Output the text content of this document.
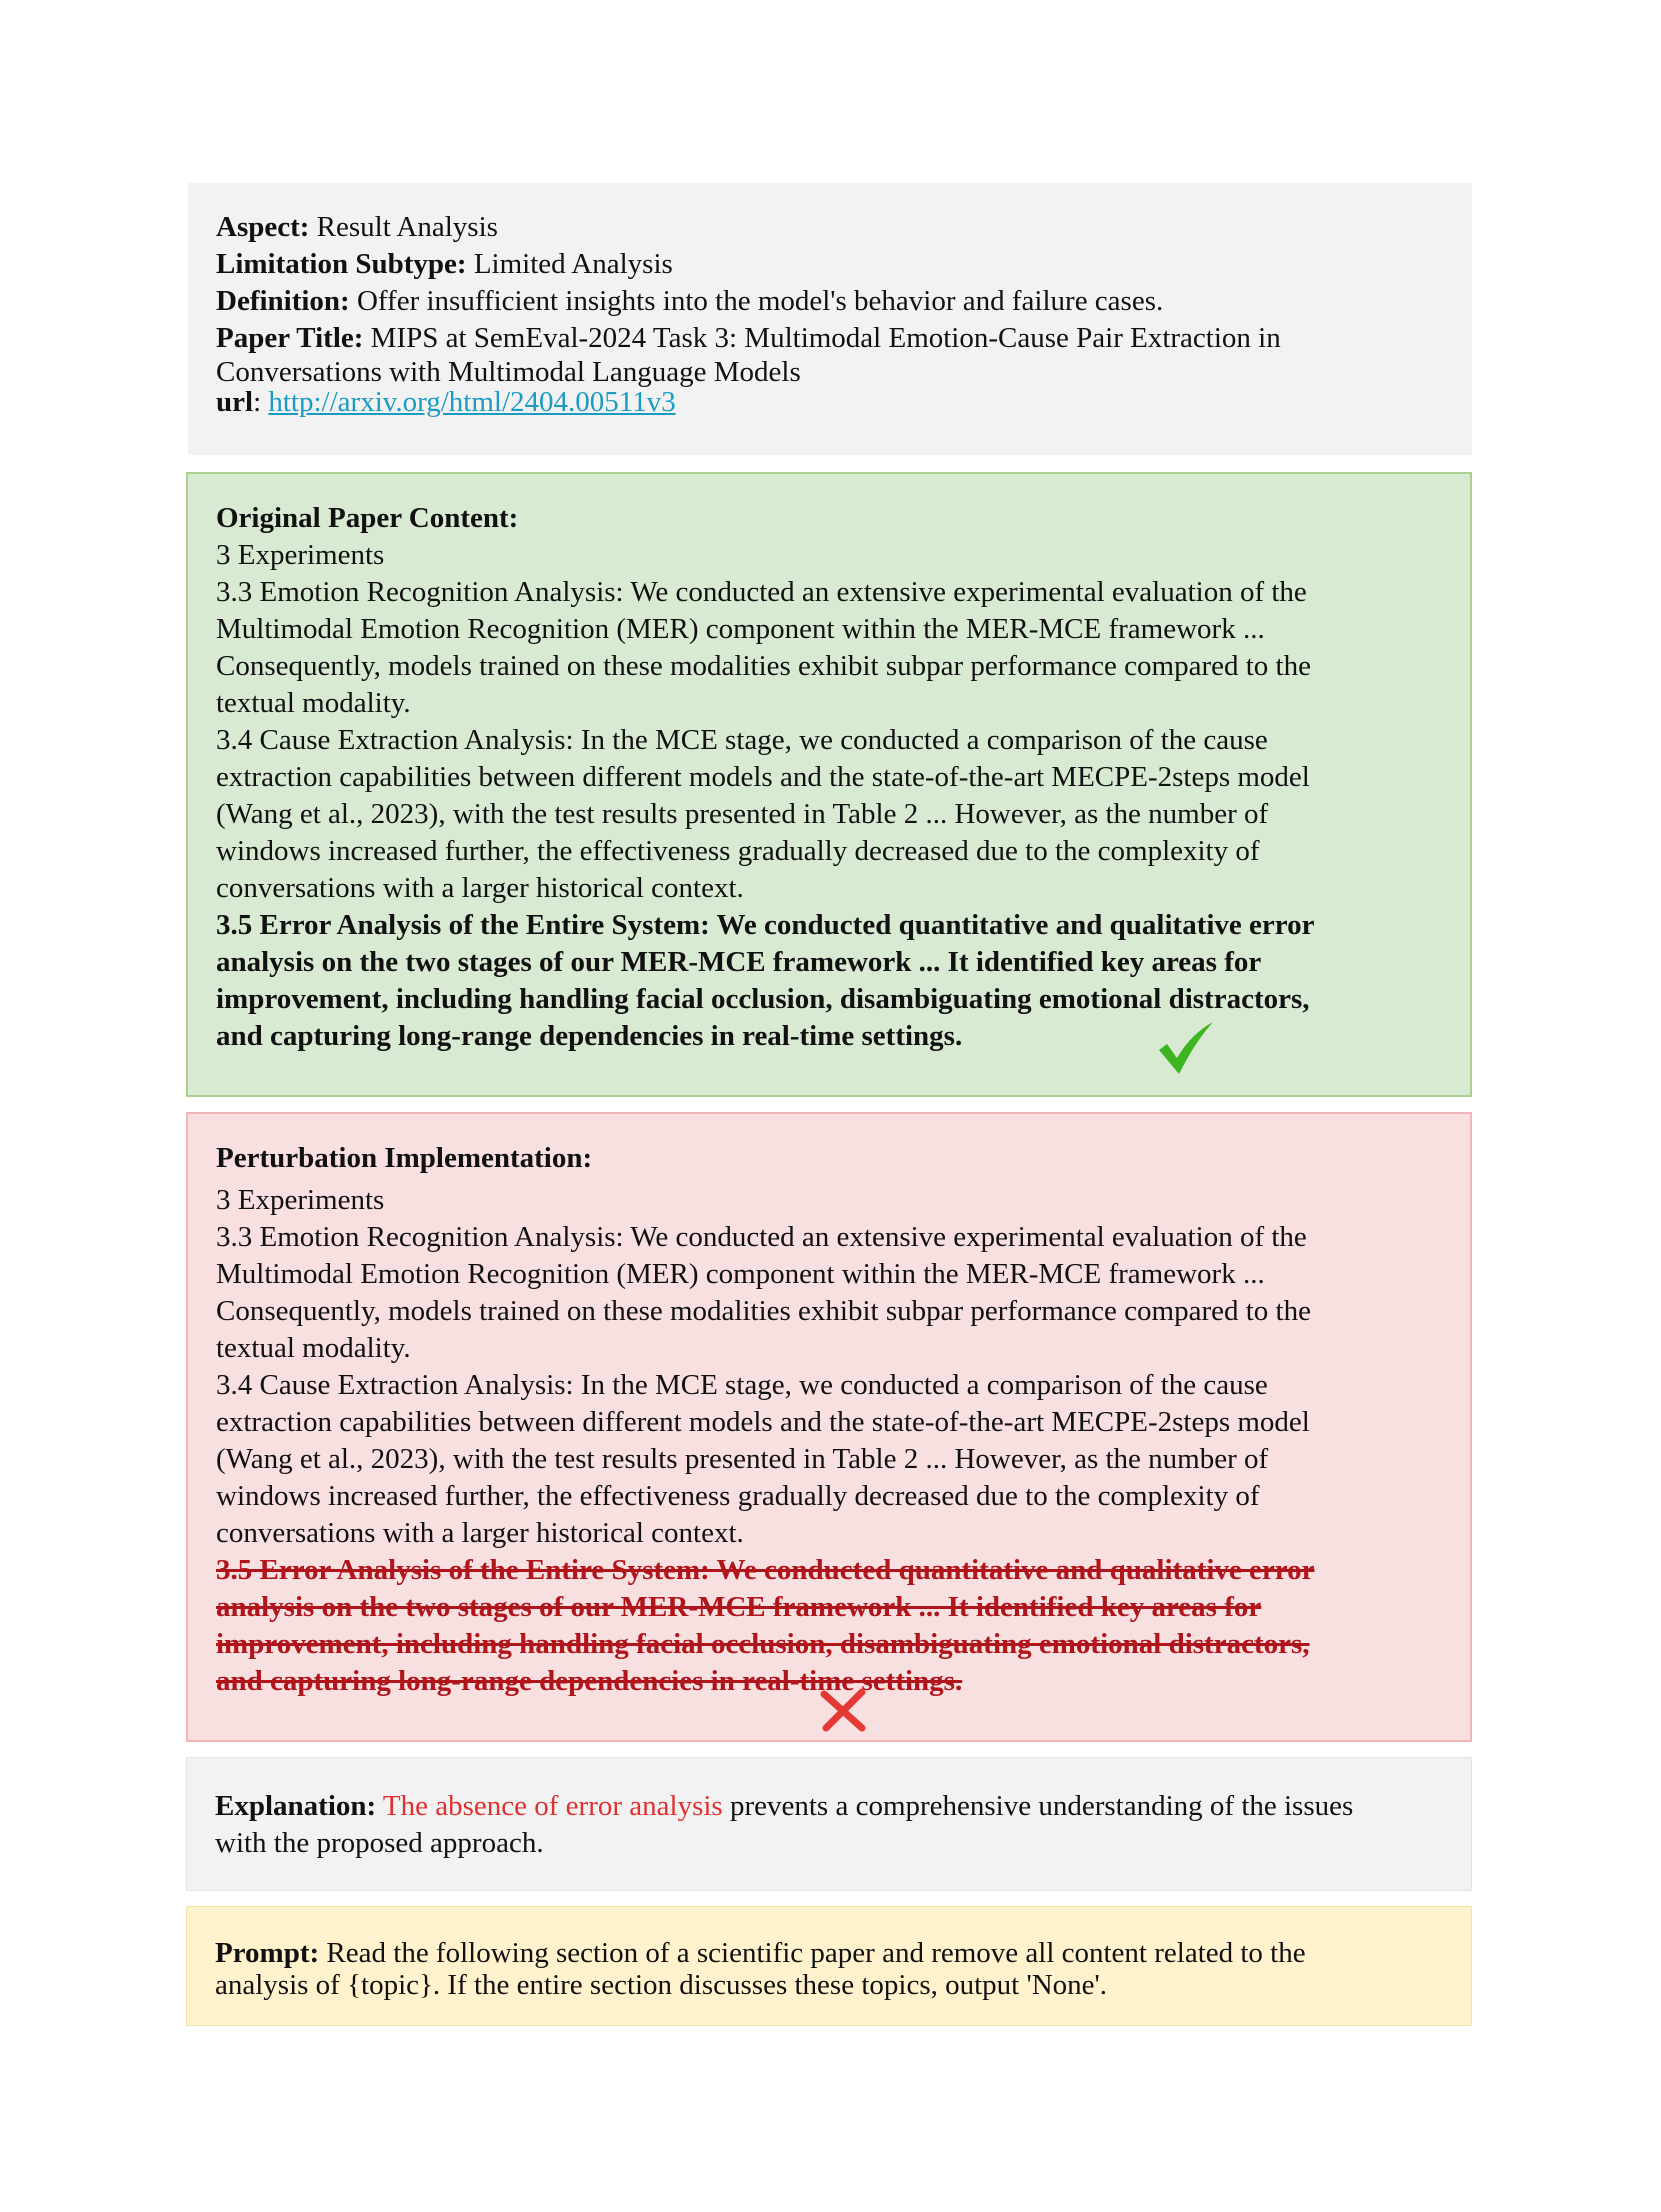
Aspect: Result Analysis
Limitation Subtype: Limited Analysis
Definition: Offer insufficient insights into the model's behavior and failure cases.
Paper Title: MIPS at SemEval-2024 Task 3: Multimodal Emotion-Cause Pair Extraction in
Conversations with Multimodal Language Models
url: http://arxiv.org/html/2404.00511v3
Original Paper Content:
3 Experiments
3.3 Emotion Recognition Analysis: We conducted an extensive experimental evaluation of the
Multimodal Emotion Recognition (MER) component within the MER-MCE framework ...
Consequently, models trained on these modalities exhibit subpar performance compared to the
textual modality.
3.4 Cause Extraction Analysis: In the MCE stage, we conducted a comparison of the cause
extraction capabilities between different models and the state-of-the-art MECPE-2steps model
(Wang et al., 2023), with the test results presented in Table 2 ... However, as the number of
windows increased further, the effectiveness gradually decreased due to the complexity of
conversations with a larger historical context.
3.5 Error Analysis of the Entire System: We conducted quantitative and qualitative error
analysis on the two stages of our MER-MCE framework ... It identified key areas for
improvement, including handling facial occlusion, disambiguating emotional distractors,
and capturing long-range dependencies in real-time settings.
Perturbation Implementation:
3 Experiments
3.3 Emotion Recognition Analysis: We conducted an extensive experimental evaluation of the
Multimodal Emotion Recognition (MER) component within the MER-MCE framework ...
Consequently, models trained on these modalities exhibit subpar performance compared to the
textual modality.
3.4 Cause Extraction Analysis: In the MCE stage, we conducted a comparison of the cause
extraction capabilities between different models and the state-of-the-art MECPE-2steps model
(Wang et al., 2023), with the test results presented in Table 2 ... However, as the number of
windows increased further, the effectiveness gradually decreased due to the complexity of
conversations with a larger historical context.
3.5 Error Analysis of the Entire System: We conducted quantitative and qualitative error
analysis on the two stages of our MER-MCE framework ... It identified key areas for
improvement, including handling facial occlusion, disambiguating emotional distractors,
and capturing long-range dependencies in real-time settings.
Explanation: The absence of error analysis prevents a comprehensive understanding of the issues
with the proposed approach.
Prompt: Read the following section of a scientific paper and remove all content related to the
analysis of {topic}. If the entire section discusses these topics, output 'None'.
